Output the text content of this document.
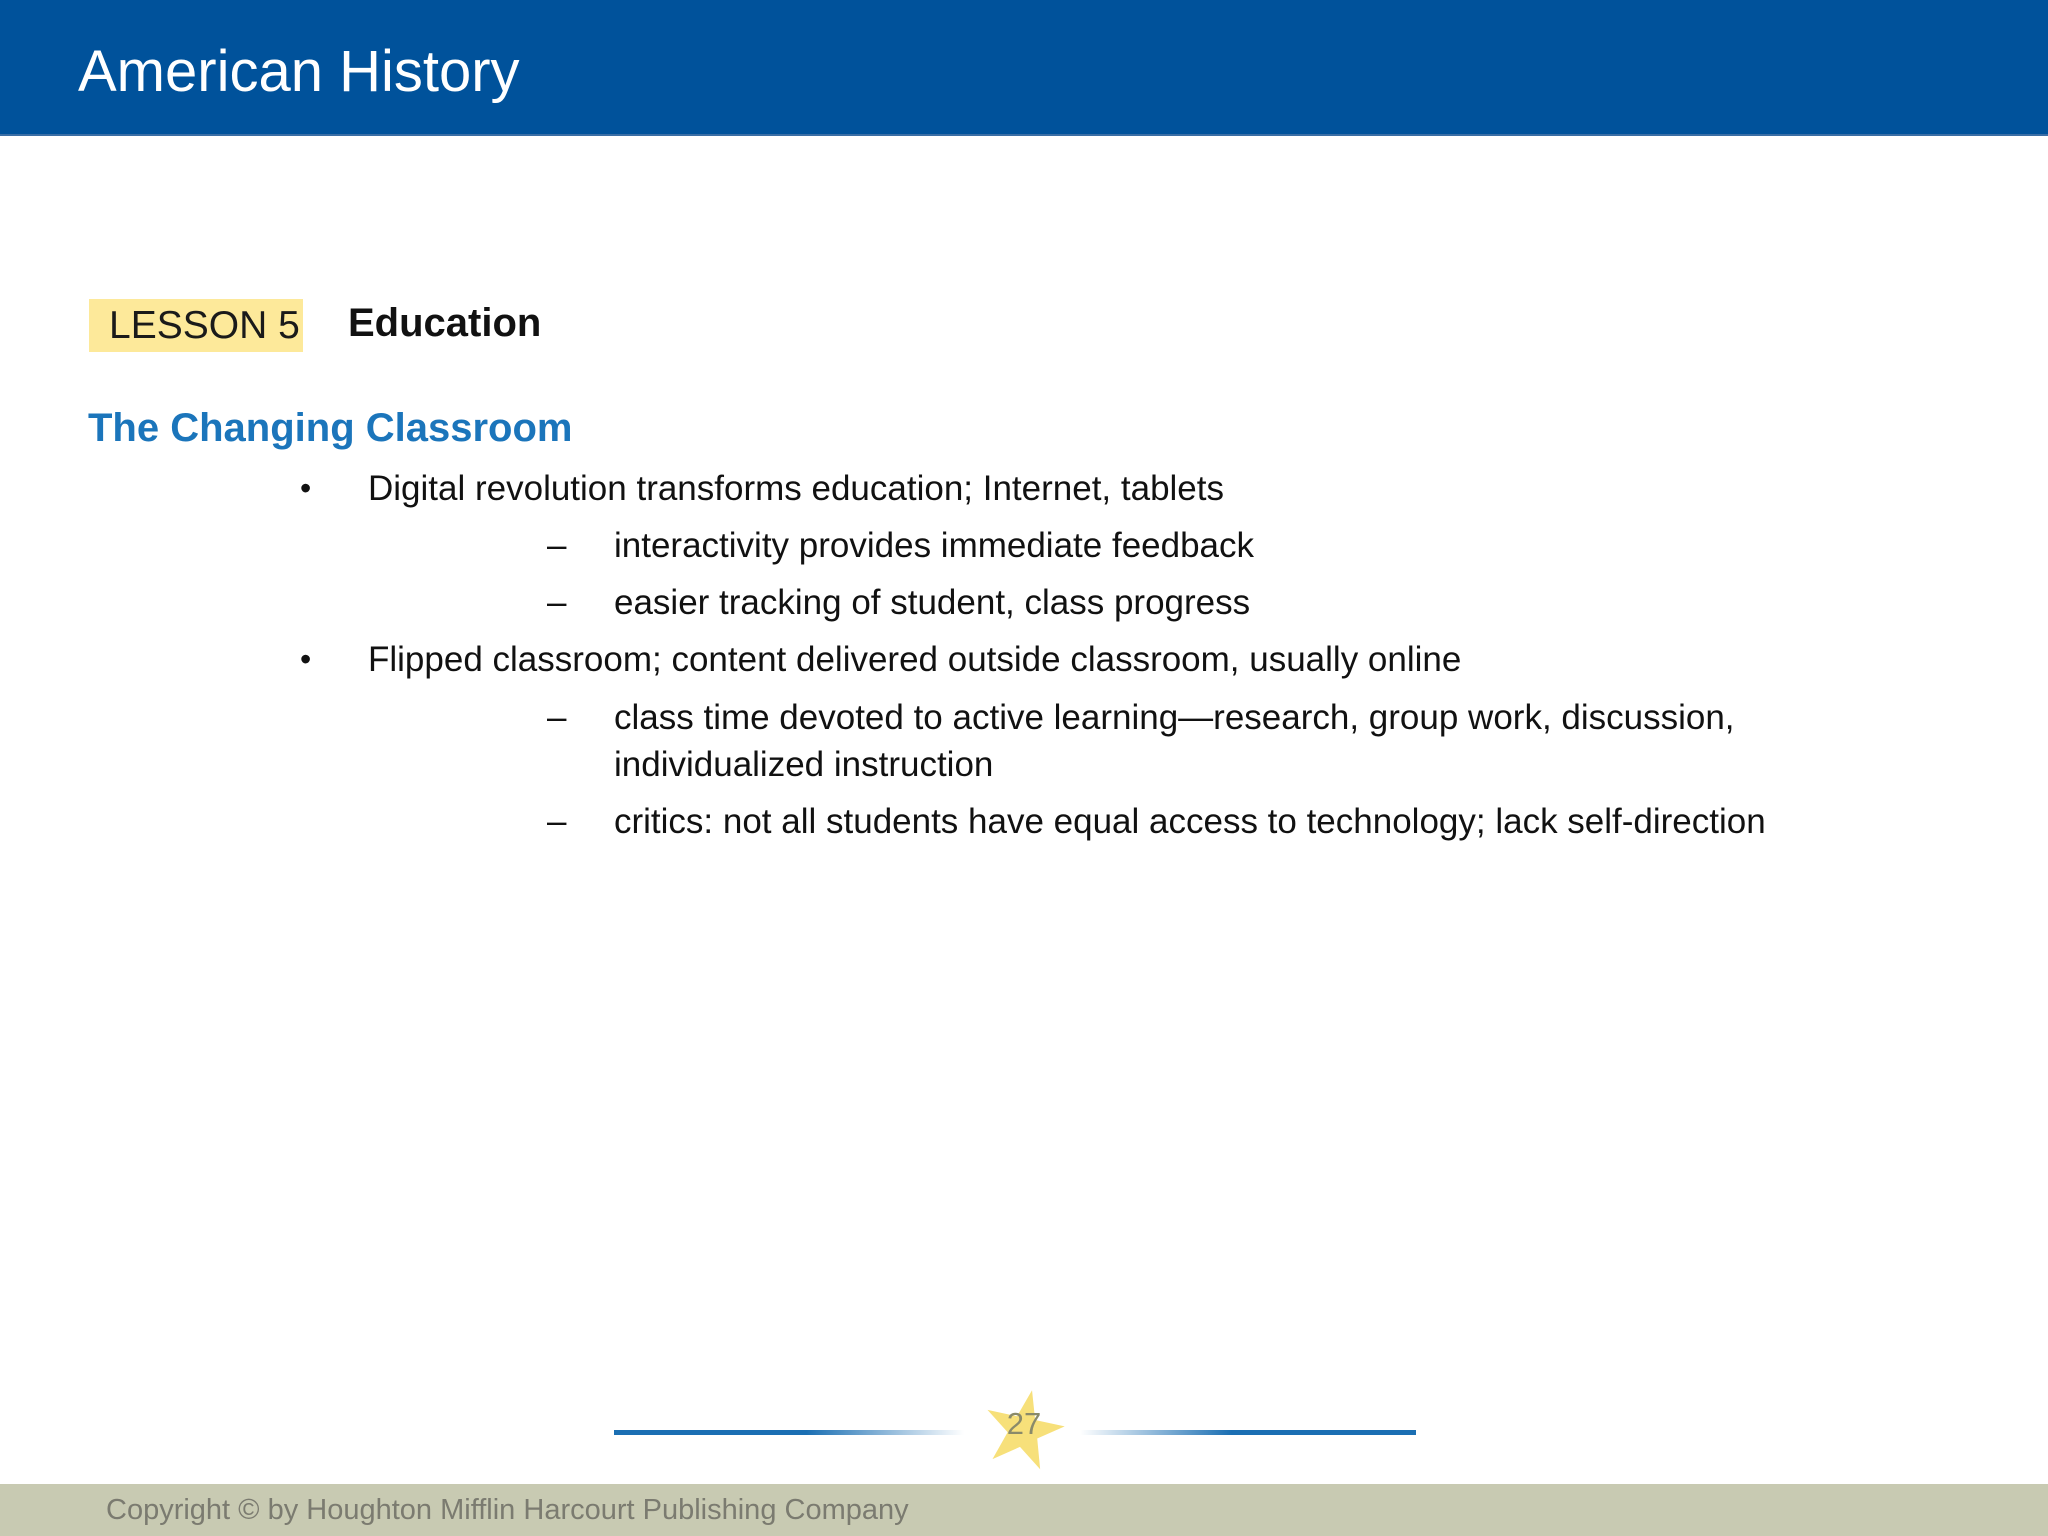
American History
LESSON 5 Education
The Changing Classroom
•	Digital revolution transforms education; Internet, tablets
–	interactivity provides immediate feedback
–	easier tracking of student, class progress
•	Flipped classroom; content delivered outside classroom, usually online
–	class time devoted to active learning—research, group work, discussion, individualized instruction
–	critics: not all students have equal access to technology; lack self-direction
27
Copyright © by Houghton Mifflin Harcourt Publishing Company
